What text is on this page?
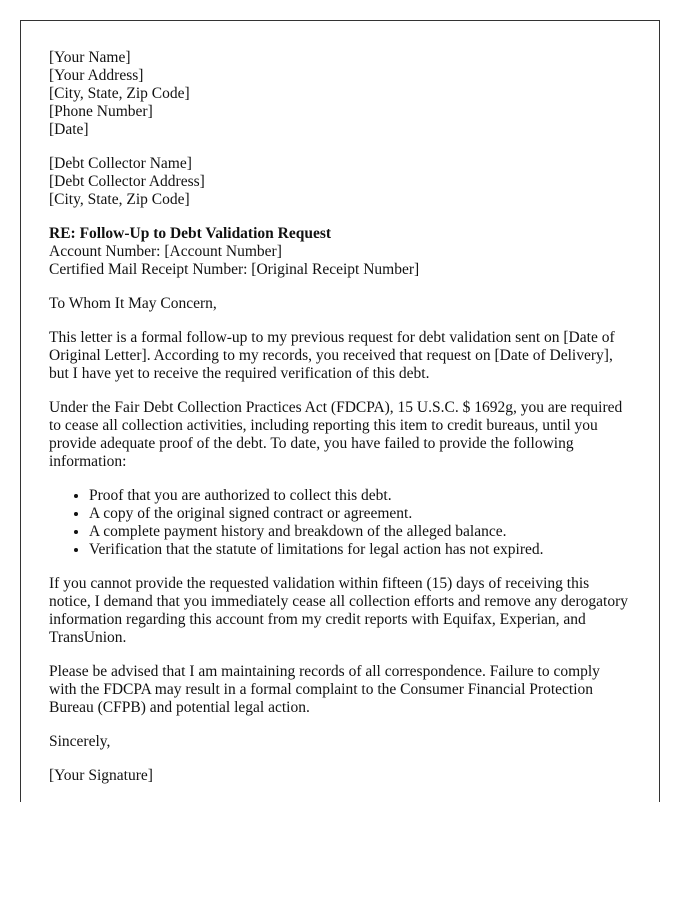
[Your Name]
[Your Address]
[City, State, Zip Code]
[Phone Number]
[Date]
[Debt Collector Name]
[Debt Collector Address]
[City, State, Zip Code]
RE: Follow-Up to Debt Validation Request
Account Number: [Account Number]
Certified Mail Receipt Number: [Original Receipt Number]

To Whom It May Concern,

This letter is a formal follow-up to my previous request for debt validation sent on [Date of Original Letter]. According to my records, you received that request on [Date of Delivery], but I have yet to receive the required verification of this debt.

Under the Fair Debt Collection Practices Act (FDCPA), 15 U.S.C. $ 1692g, you are required to cease all collection activities, including reporting this item to credit bureaus, until you provide adequate proof of the debt. To date, you have failed to provide the following information:

• Proof that you are authorized to collect this debt.
• A copy of the original signed contract or agreement.
• A complete payment history and breakdown of the alleged balance.
• Verification that the statute of limitations for legal action has not expired.

If you cannot provide the requested validation within fifteen (15) days of receiving this notice, I demand that you immediately cease all collection efforts and remove any derogatory information regarding this account from my credit reports with Equifax, Experian, and TransUnion.

Please be advised that I am maintaining records of all correspondence. Failure to comply with the FDCPA may result in a formal complaint to the Consumer Financial Protection Bureau (CFPB) and potential legal action.

Sincerely,

[Your Signature]
